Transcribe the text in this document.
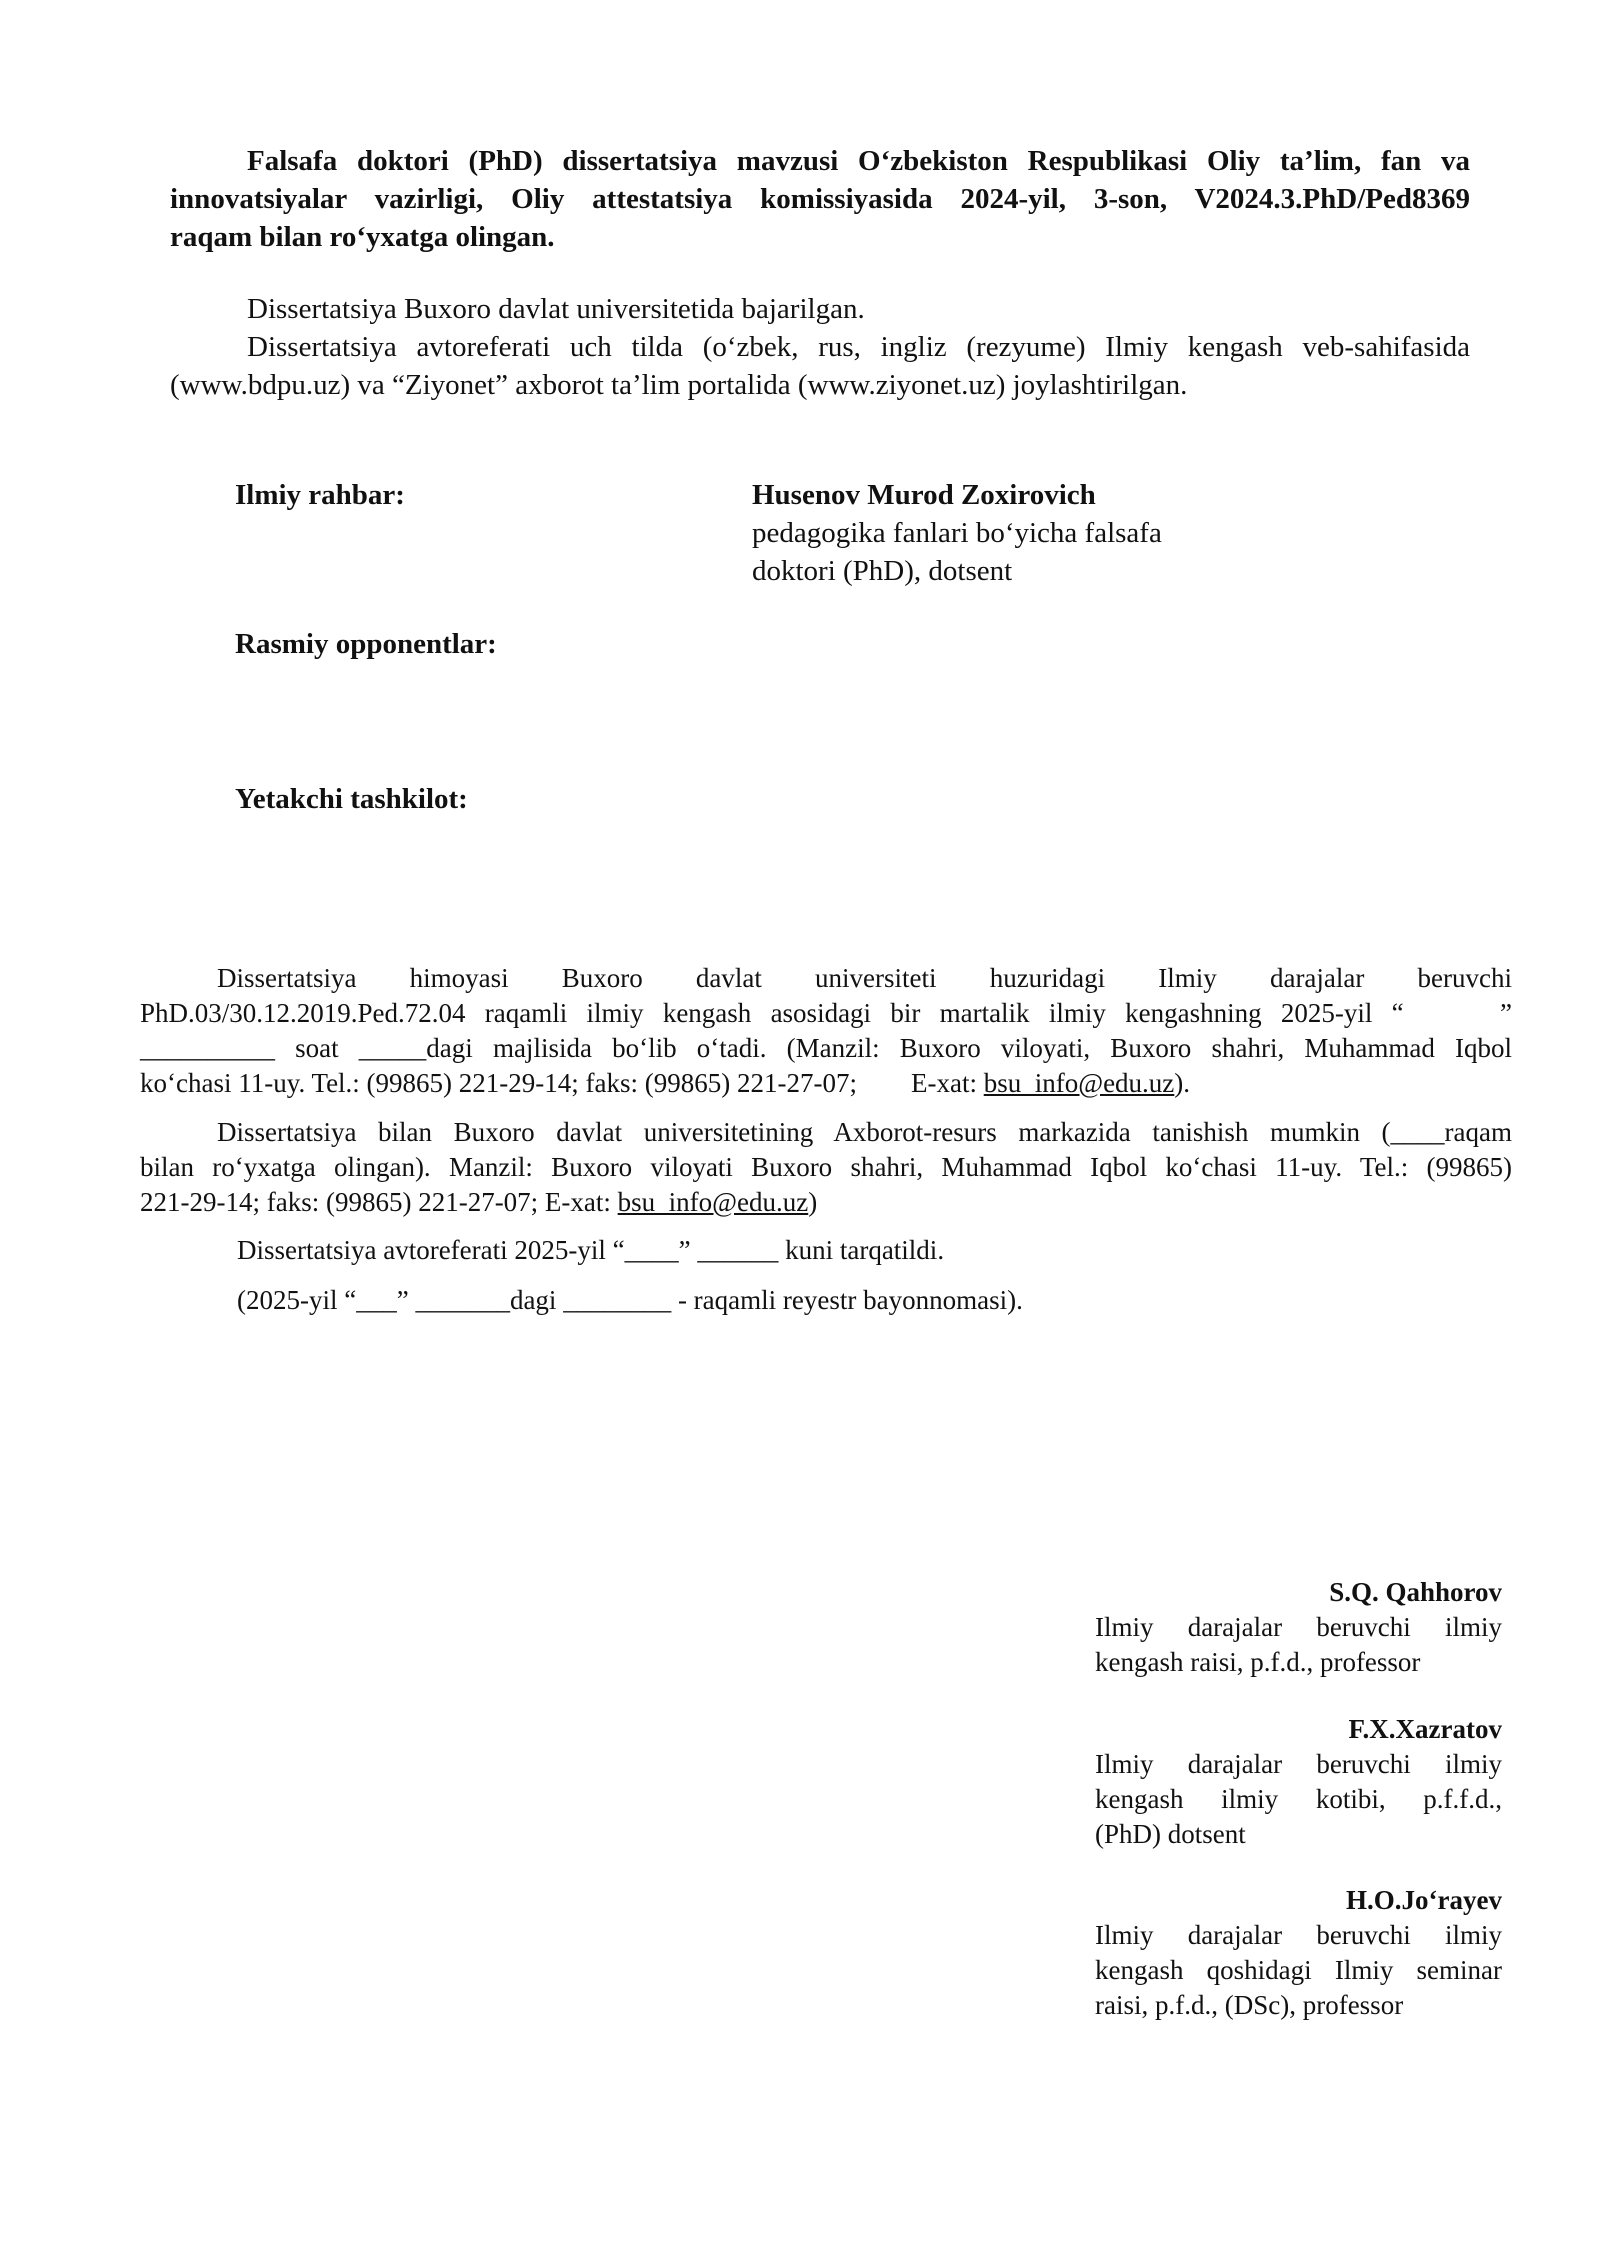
Falsafa doktori (PhD) dissertatsiya mavzusi O‘zbekiston Respublikasi Oliy ta’lim, fan va
innovatsiyalar vazirligi, Oliy attestatsiya komissiyasida 2024-yil, 3-son, V2024.3.PhD/Ped8369
raqam bilan ro‘yxatga olingan.
Dissertatsiya Buxoro davlat universitetida bajarilgan.
Dissertatsiya avtoreferati uch tilda (o‘zbek, rus, ingliz (rezyume) Ilmiy kengash veb-sahifasida
(www.bdpu.uz) va “Ziyonet” axborot ta’lim portalida (www.ziyonet.uz) joylashtirilgan.
Ilmiy rahbar:	Husenov Murod Zoxirovich
pedagogika fanlari bo‘yicha falsafa
doktori (PhD), dotsent
Rasmiy opponentlar:
Yetakchi tashkilot:
Dissertatsiya himoyasi Buxoro davlat universiteti huzuridagi Ilmiy darajalar beruvchi
PhD.03/30.12.2019.Ped.72.04 raqamli ilmiy kengash asosidagi bir martalik ilmiy kengashning 2025-yil “     ”
__________ soat _____dagi majlisida bo‘lib o‘tadi. (Manzil: Buxoro viloyati, Buxoro shahri, Muhammad Iqbol
ko‘chasi 11-uy. Tel.: (99865) 221-29-14; faks: (99865) 221-27-07;        E-xat: bsu_info@edu.uz).
Dissertatsiya bilan Buxoro davlat universitetining Axborot-resurs markazida tanishish mumkin (____raqam
bilan ro‘yxatga olingan). Manzil: Buxoro viloyati Buxoro shahri, Muhammad Iqbol ko‘chasi 11-uy. Tel.: (99865)
221-29-14; faks: (99865) 221-27-07; E-xat: bsu_info@edu.uz)
Dissertatsiya avtoreferati 2025-yil “____” ______ kuni tarqatildi.
(2025-yil “___” _______dagi ________ - raqamli reyestr bayonnomasi).
S.Q. Qahhorov
Ilmiy darajalar beruvchi ilmiy
kengash raisi, p.f.d., professor
F.X.Xazratov
Ilmiy darajalar beruvchi ilmiy
kengash ilmiy kotibi, p.f.f.d.,
(PhD) dotsent
H.O.Jo‘rayev
Ilmiy darajalar beruvchi ilmiy
kengash qoshidagi Ilmiy seminar
raisi, p.f.d., (DSc), professor
